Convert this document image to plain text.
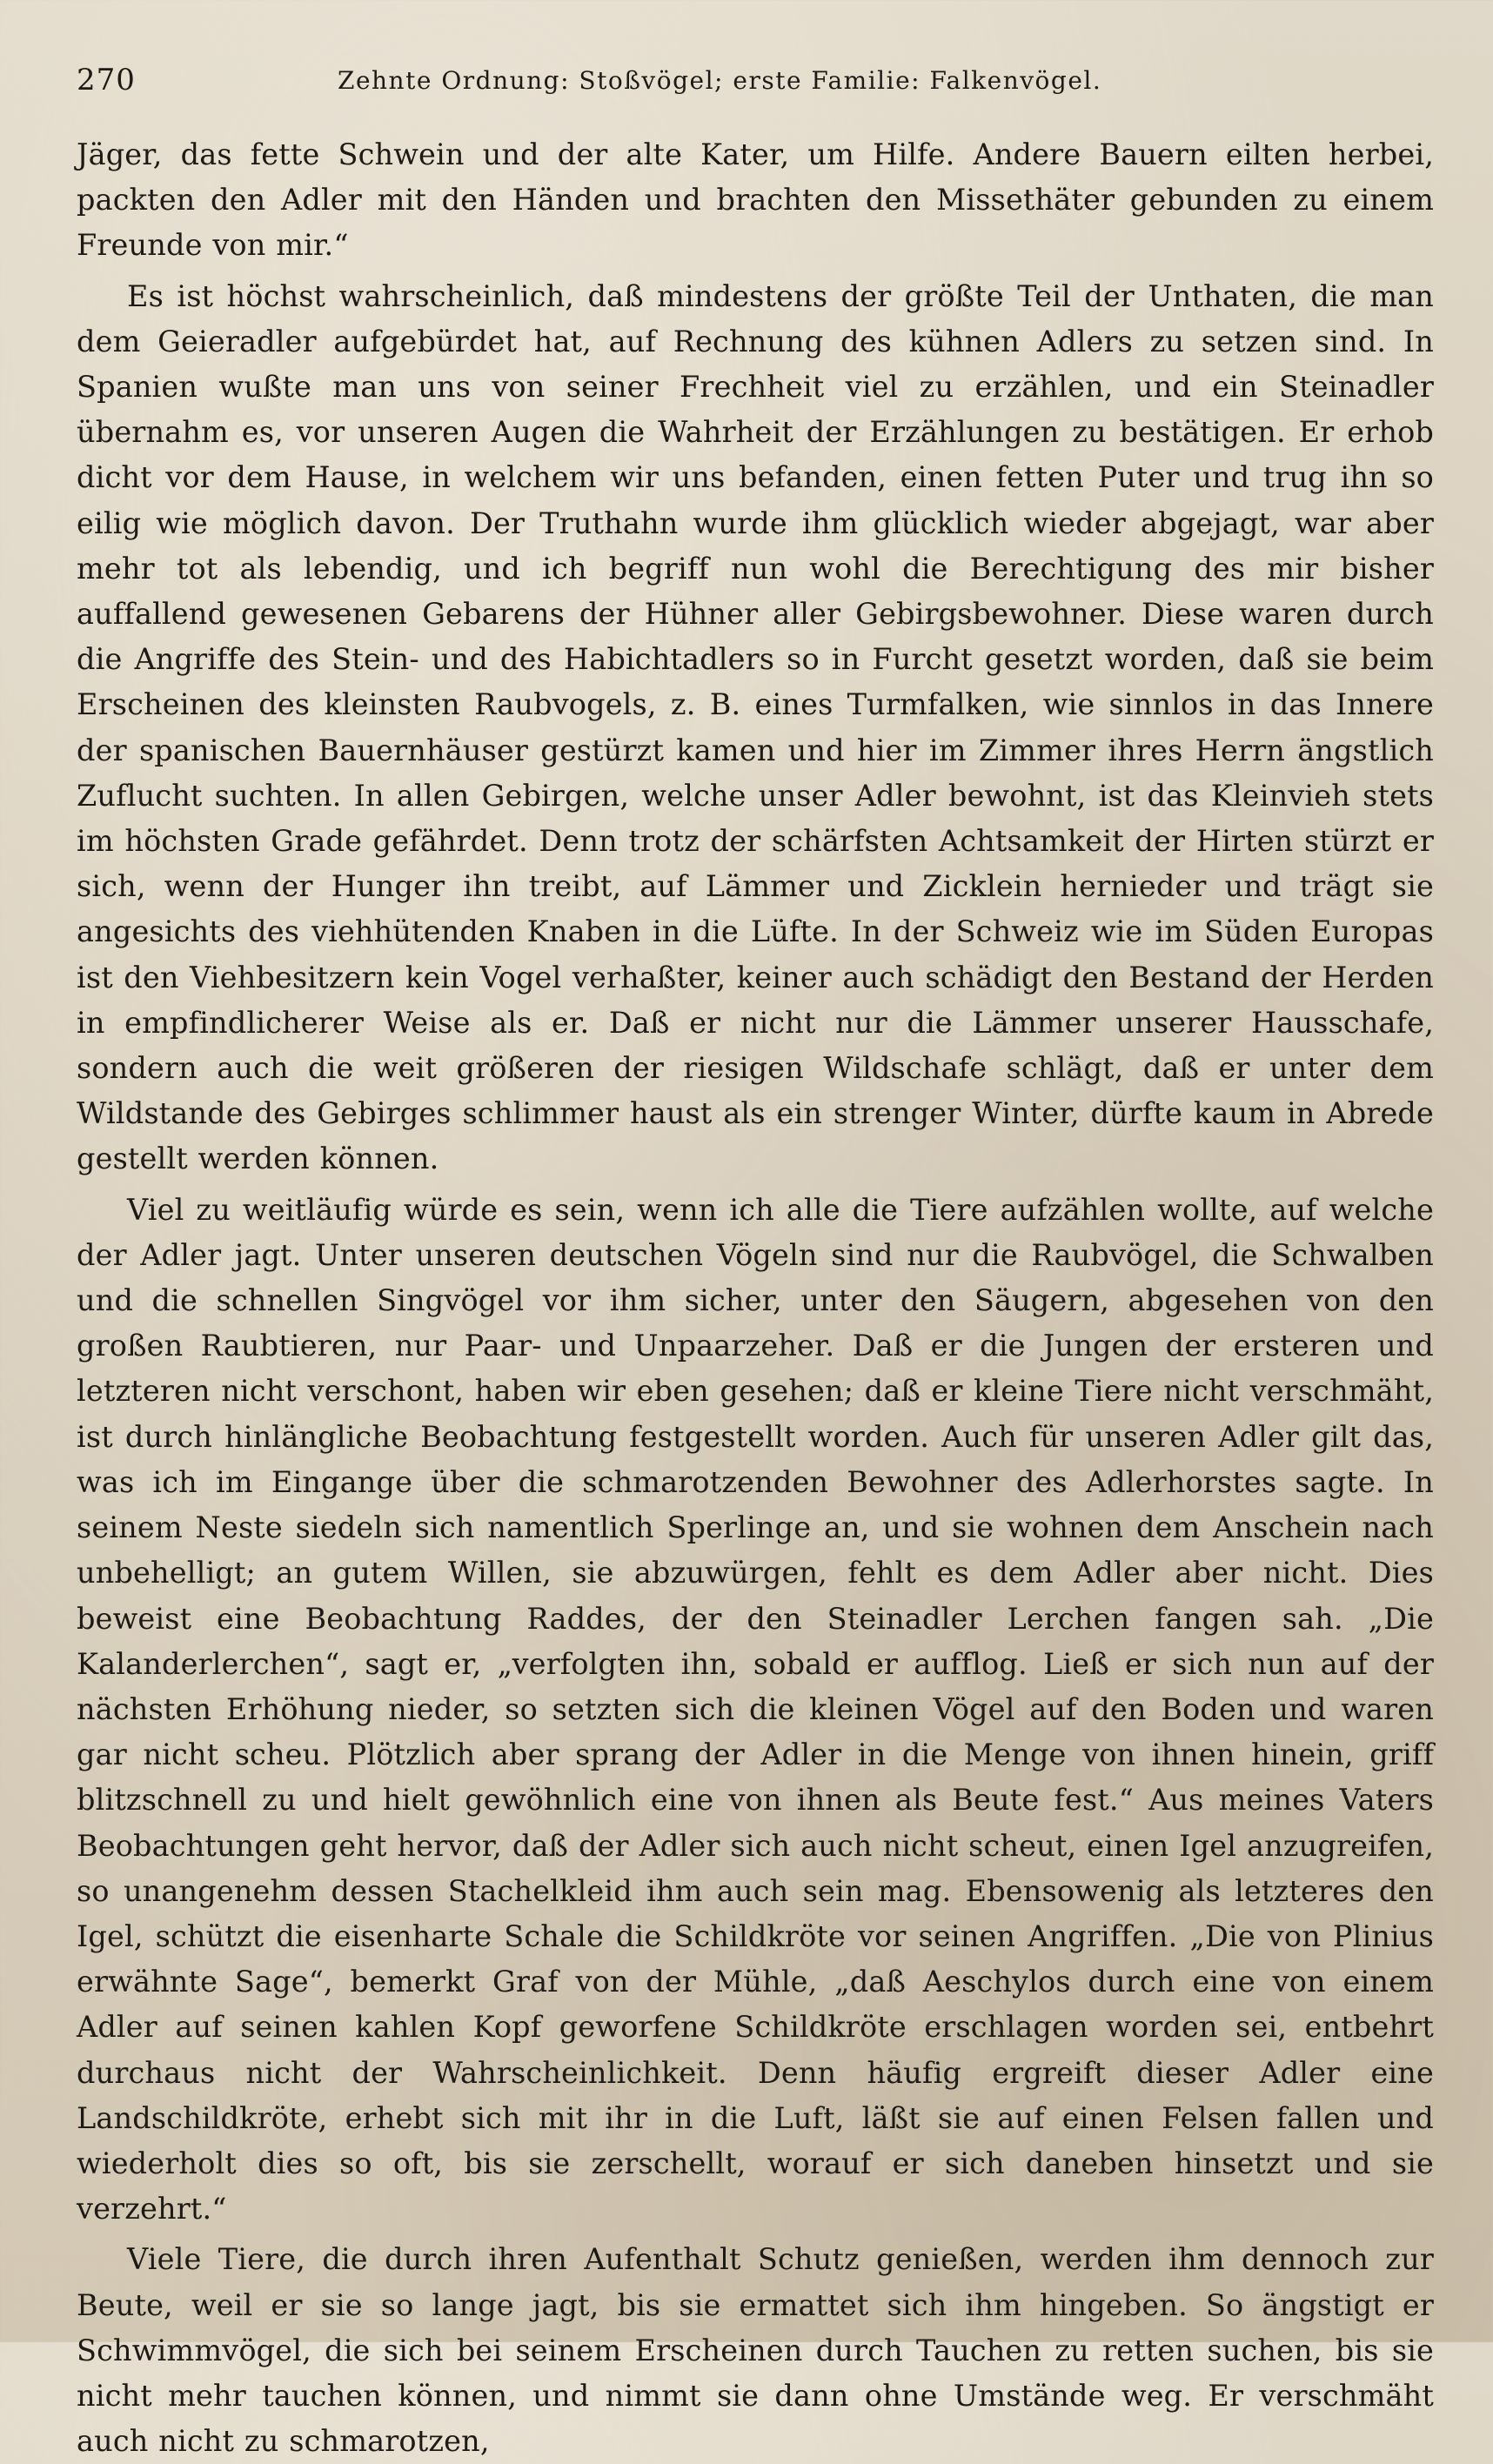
270	Zehnte Ordnung: Stoßvögel; erste Familie: Falkenvögel.

Jäger, das fette Schwein und der alte Kater, um Hilfe. Andere Bauern eilten herbei, packten den Adler mit den Händen und brachten den Missethäter gebunden zu einem Freunde von mir.“

Es ist höchst wahrscheinlich, daß mindestens der größte Teil der Unthaten, die man dem Geieradler aufgebürdet hat, auf Rechnung des kühnen Adlers zu setzen sind. In Spanien wußte man uns von seiner Frechheit viel zu erzählen, und ein Steinadler übernahm es, vor unseren Augen die Wahrheit der Erzählungen zu bestätigen. Er erhob dicht vor dem Hause, in welchem wir uns befanden, einen fetten Puter und trug ihn so eilig wie möglich davon. Der Truthahn wurde ihm glücklich wieder abgejagt, war aber mehr tot als lebendig, und ich begriff nun wohl die Berechtigung des mir bisher auffallend gewesenen Gebarens der Hühner aller Gebirgsbewohner. Diese waren durch die Angriffe des Stein- und des Habichtadlers so in Furcht gesetzt worden, daß sie beim Erscheinen des kleinsten Raubvogels, z. B. eines Turmfalken, wie sinnlos in das Innere der spanischen Bauernhäuser gestürzt kamen und hier im Zimmer ihres Herrn ängstlich Zuflucht suchten. In allen Gebirgen, welche unser Adler bewohnt, ist das Kleinvieh stets im höchsten Grade gefährdet. Denn trotz der schärfsten Achtsamkeit der Hirten stürzt er sich, wenn der Hunger ihn treibt, auf Lämmer und Zicklein hernieder und trägt sie angesichts des viehhütenden Knaben in die Lüfte. In der Schweiz wie im Süden Europas ist den Viehbesitzern kein Vogel verhaßter, keiner auch schädigt den Bestand der Herden in empfindlicherer Weise als er. Daß er nicht nur die Lämmer unserer Hausschafe, sondern auch die weit größeren der riesigen Wildschafe schlägt, daß er unter dem Wildstande des Gebirges schlimmer haust als ein strenger Winter, dürfte kaum in Abrede gestellt werden können.

Viel zu weitläufig würde es sein, wenn ich alle die Tiere aufzählen wollte, auf welche der Adler jagt. Unter unseren deutschen Vögeln sind nur die Raubvögel, die Schwalben und die schnellen Singvögel vor ihm sicher, unter den Säugern, abgesehen von den großen Raubtieren, nur Paar- und Unpaarzeher. Daß er die Jungen der ersteren und letzteren nicht verschont, haben wir eben gesehen; daß er kleine Tiere nicht verschmäht, ist durch hinlängliche Beobachtung festgestellt worden. Auch für unseren Adler gilt das, was ich im Eingange über die schmarotzenden Bewohner des Adlerhorstes sagte. In seinem Neste siedeln sich namentlich Sperlinge an, und sie wohnen dem Anschein nach unbehelligt; an gutem Willen, sie abzuwürgen, fehlt es dem Adler aber nicht. Dies beweist eine Beobachtung Raddes, der den Steinadler Lerchen fangen sah. „Die Kalanderlerchen“, sagt er, „verfolgten ihn, sobald er aufflog. Ließ er sich nun auf der nächsten Erhöhung nieder, so setzten sich die kleinen Vögel auf den Boden und waren gar nicht scheu. Plötzlich aber sprang der Adler in die Menge von ihnen hinein, griff blitzschnell zu und hielt gewöhnlich eine von ihnen als Beute fest.“ Aus meines Vaters Beobachtungen geht hervor, daß der Adler sich auch nicht scheut, einen Igel anzugreifen, so unangenehm dessen Stachelkleid ihm auch sein mag. Ebensowenig als letzteres den Igel, schützt die eisenharte Schale die Schildkröte vor seinen Angriffen. „Die von Plinius erwähnte Sage“, bemerkt Graf von der Mühle, „daß Aeschylos durch eine von einem Adler auf seinen kahlen Kopf geworfene Schildkröte erschlagen worden sei, entbehrt durchaus nicht der Wahrscheinlichkeit. Denn häufig ergreift dieser Adler eine Landschildkröte, erhebt sich mit ihr in die Luft, läßt sie auf einen Felsen fallen und wiederholt dies so oft, bis sie zerschellt, worauf er sich daneben hinsetzt und sie verzehrt.“

Viele Tiere, die durch ihren Aufenthalt Schutz genießen, werden ihm dennoch zur Beute, weil er sie so lange jagt, bis sie ermattet sich ihm hingeben. So ängstigt er Schwimmvögel, die sich bei seinem Erscheinen durch Tauchen zu retten suchen, bis sie nicht mehr tauchen können, und nimmt sie dann ohne Umstände weg. Er verschmäht auch nicht zu schmarotzen,
